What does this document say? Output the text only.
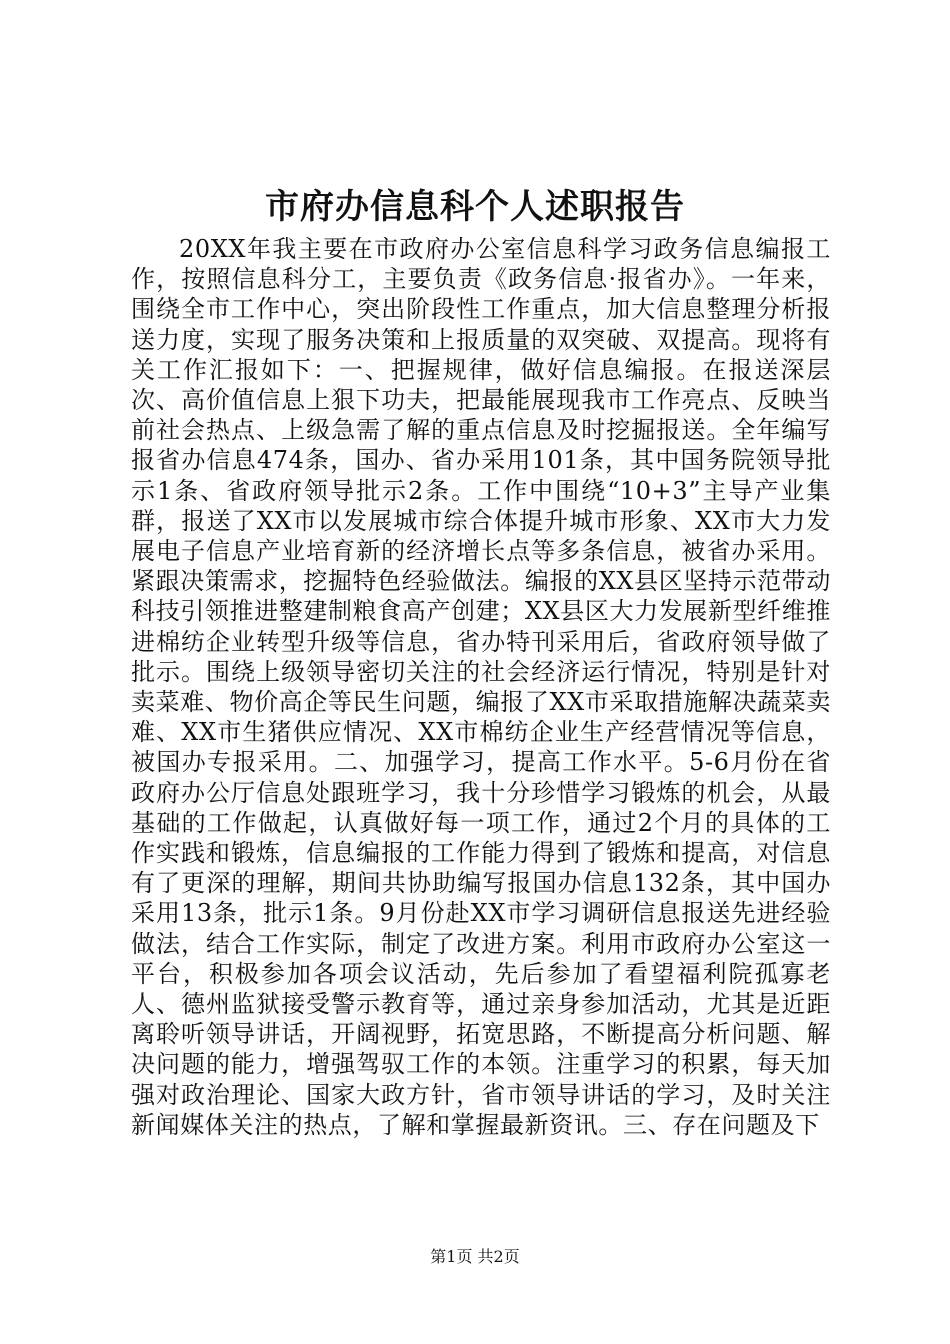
市府办信息科个人述职报告

20XX年我主要在市政府办公室信息科学习政务信息编报工作，按照信息科分工，主要负责《政务信息·报省办》。一年来，围绕全市工作中心，突出阶段性工作重点，加大信息整理分析报送力度，实现了服务决策和上报质量的双突破、双提高。现将有关工作汇报如下：一、把握规律，做好信息编报。在报送深层次、高价值信息上狠下功夫，把最能展现我市工作亮点、反映当前社会热点、上级急需了解的重点信息及时挖掘报送。全年编写报省办信息474条，国办、省办采用101条，其中国务院领导批示1条、省政府领导批示2条。工作中围绕“10+3”主导产业集群，报送了XX市以发展城市综合体提升城市形象、XX市大力发展电子信息产业培育新的经济增长点等多条信息，被省办采用。紧跟决策需求，挖掘特色经验做法。编报的XX县区坚持示范带动科技引领推进整建制粮食高产创建；XX县区大力发展新型纤维推进棉纺企业转型升级等信息，省办特刊采用后，省政府领导做了批示。围绕上级领导密切关注的社会经济运行情况，特别是针对卖菜难、物价高企等民生问题，编报了XX市采取措施解决蔬菜卖难、XX市生猪供应情况、XX市棉纺企业生产经营情况等信息，被国办专报采用。二、加强学习，提高工作水平。5-6月份在省政府办公厅信息处跟班学习，我十分珍惜学习锻炼的机会，从最基础的工作做起，认真做好每一项工作，通过2个月的具体的工作实践和锻炼，信息编报的工作能力得到了锻炼和提高，对信息有了更深的理解，期间共协助编写报国办信息132条，其中国办采用13条，批示1条。9月份赴XX市学习调研信息报送先进经验做法，结合工作实际，制定了改进方案。利用市政府办公室这一平台，积极参加各项会议活动，先后参加了看望福利院孤寡老人、德州监狱接受警示教育等，通过亲身参加活动，尤其是近距离聆听领导讲话，开阔视野，拓宽思路，不断提高分析问题、解决问题的能力，增强驾驭工作的本领。注重学习的积累，每天加强对政治理论、国家大政方针，省市领导讲话的学习，及时关注新闻媒体关注的热点，了解和掌握最新资讯。三、存在问题及下

第1页 共2页
